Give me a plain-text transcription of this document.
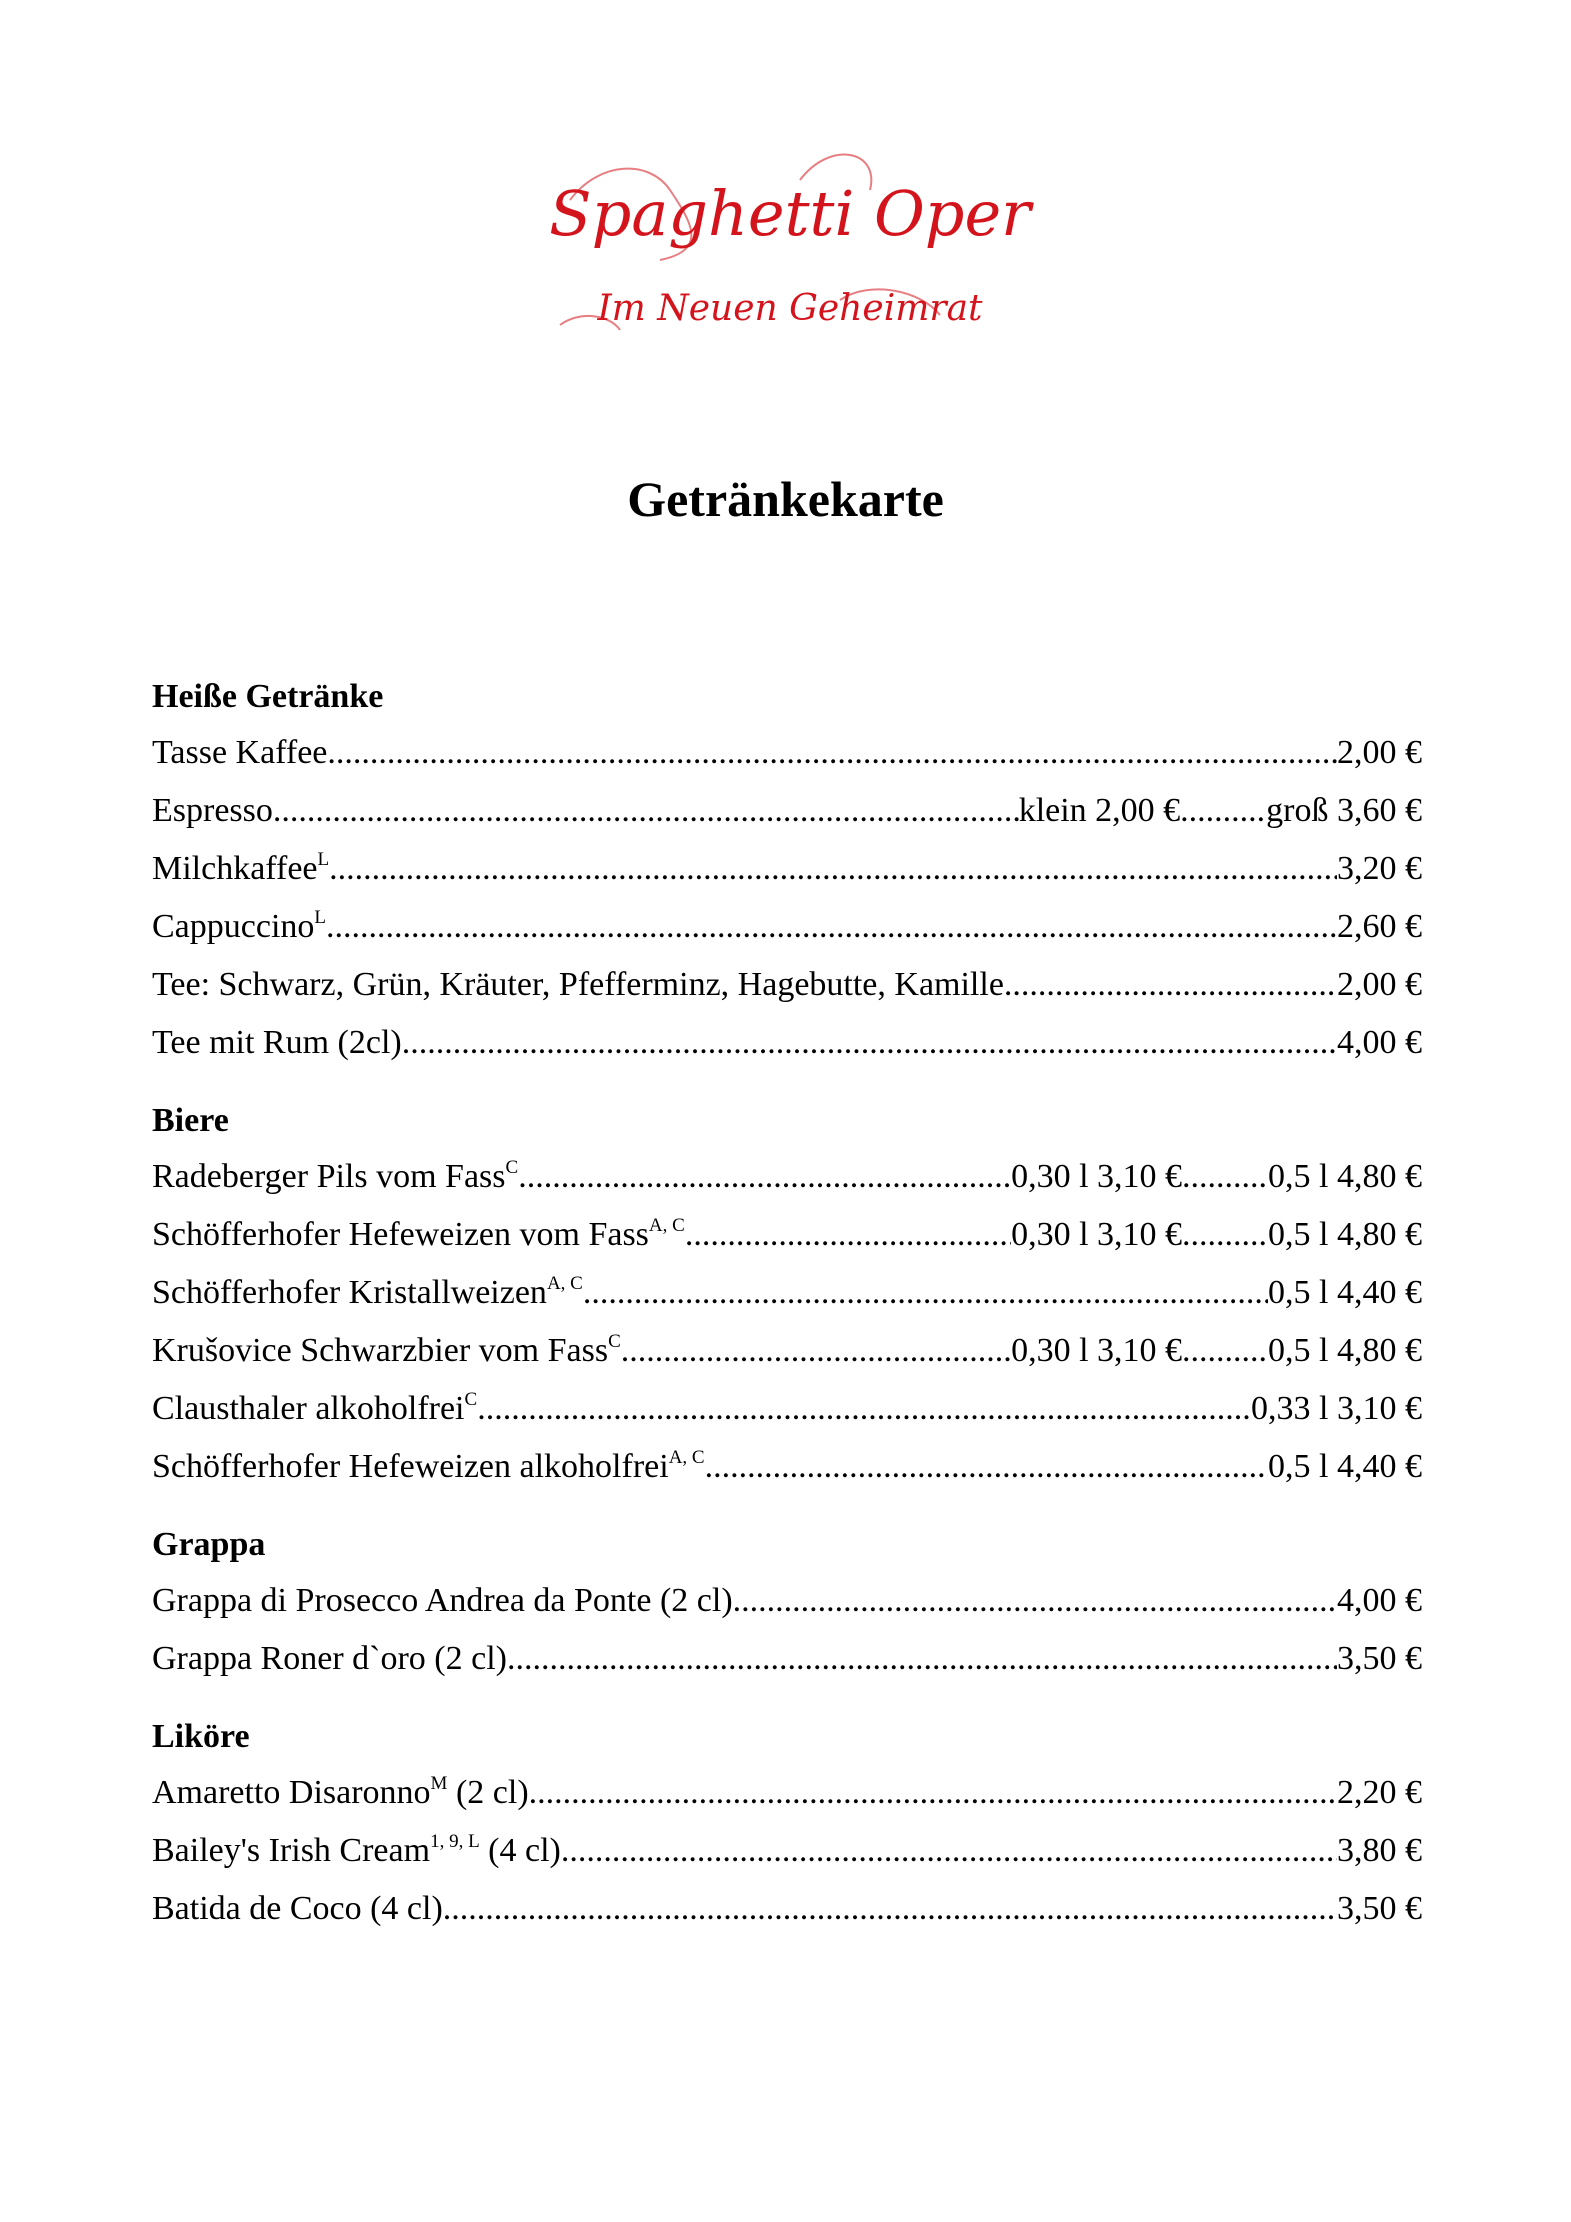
Spaghetti Oper
Im Neuen Geheimrat
Getränkekarte
Heiße Getränke
Tasse Kaffee .....	2,00 €
Espresso .....	klein 2,00 € .....	groß 3,60 €
Milchkaffee$^L$ .....	3,20 €
Cappuccino$^L$ .....	2,60 €
Tee: Schwarz, Grün, Kräuter, Pfefferminz, Hagebutte, Kamille .....	2,00 €
Tee mit Rum (2cl) .....	4,00 €
Biere
Radeberger Pils vom Fass$^C$ .....	0,30 l 3,10 € .....	0,5 l 4,80 €
Schöfferhofer Hefeweizen vom Fass$^{A, C}$ .....	0,30 l 3,10 € .....	0,5 l 4,80 €
Schöfferhofer Kristallweizen$^{A, C}$ .....	0,5 l 4,40 €
Krušovice Schwarzbier vom Fass$^C$ .....	0,30 l 3,10 € .....	0,5 l 4,80 €
Clausthaler alkoholfrei$^C$ .....	0,33 l 3,10 €
Schöfferhofer Hefeweizen alkoholfrei$^{A, C}$ .....	0,5 l 4,40 €
Grappa
Grappa di Prosecco Andrea da Ponte (2 cl) .....	4,00 €
Grappa Roner d`oro (2 cl) .....	3,50 €
Liköre
Amaretto Disaronno$^M$ (2 cl) .....	2,20 €
Bailey's Irish Cream$^{1, 9, L}$ (4 cl) .....	3,80 €
Batida de Coco (4 cl) .....	3,50 €
